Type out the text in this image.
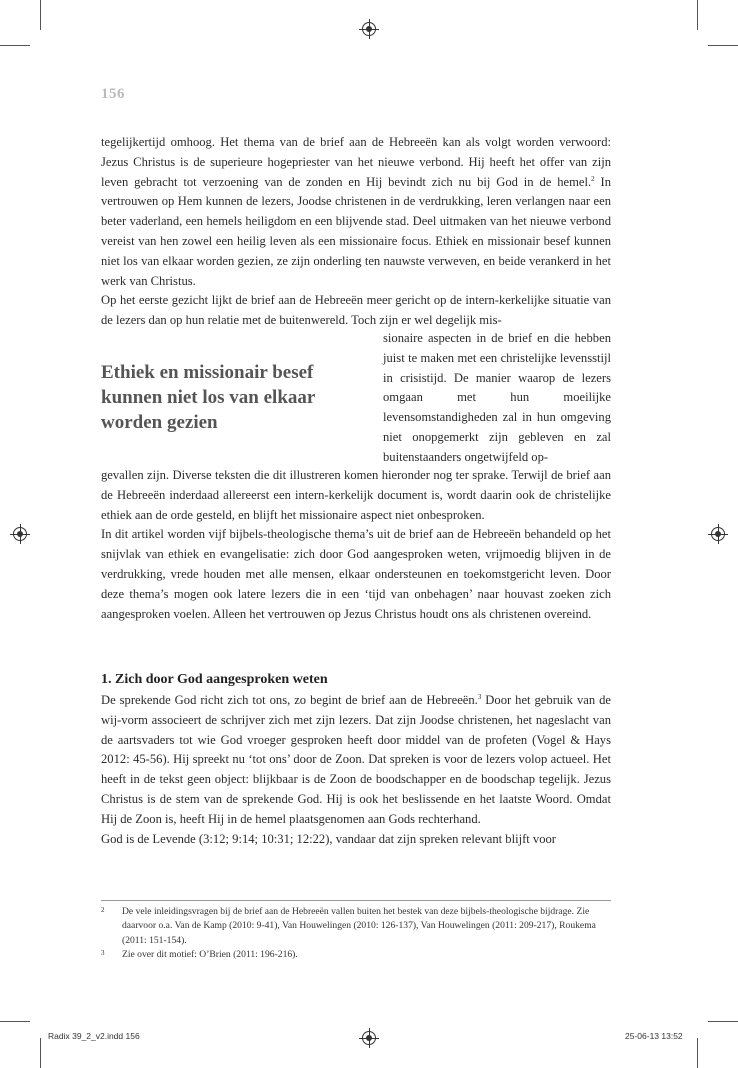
156

tegelijkertijd omhoog. Het thema van de brief aan de Hebreeën kan als volgt worden verwoord: Jezus Christus is de superieure hogepriester van het nieuwe verbond. Hij heeft het offer van zijn leven gebracht tot verzoening van de zonden en Hij bevindt zich nu bij God in de hemel.$^2$ In vertrouwen op Hem kunnen de lezers, Joodse christenen in de verdrukking, leren verlangen naar een beter vaderland, een hemels heiligdom en een blijvende stad. Deel uitmaken van het nieuwe verbond vereist van hen zowel een heilig leven als een missionaire focus. Ethiek en missionair besef kunnen niet los van elkaar worden gezien, ze zijn onderling ten nauwste verweven, en beide verankerd in het werk van Christus.

Op het eerste gezicht lijkt de brief aan de Hebreeën meer gericht op de intern-kerkelijke situatie van de lezers dan op hun relatie met de buitenwereld. Toch zijn er wel degelijk mis-

Ethiek en missionair besef kunnen niet los van elkaar worden gezien
sionaire aspecten in de brief en die hebben juist te maken met een christelijke levensstijl in crisistijd. De manier waarop de lezers omgaan met hun moeilijke levensomstandigheden zal in hun omgeving niet onopgemerkt zijn gebleven en zal buitenstaanders ongetwijfeld op-

gevallen zijn. Diverse teksten die dit illustreren komen hieronder nog ter sprake. Terwijl de brief aan de Hebreeën inderdaad allereerst een intern-kerkelijk document is, wordt daarin ook de christelijke ethiek aan de orde gesteld, en blijft het missionaire aspect niet onbesproken.

In dit artikel worden vijf bijbels-theologische thema’s uit de brief aan de Hebreeën behandeld op het snijvlak van ethiek en evangelisatie: zich door God aangesproken weten, vrijmoedig blijven in de verdrukking, vrede houden met alle mensen, elkaar ondersteunen en toekomstgericht leven. Door deze thema’s mogen ook latere lezers die in een ‘tijd van onbehagen’ naar houvast zoeken zich aangesproken voelen. Alleen het vertrouwen op Jezus Christus houdt ons als christenen overeind.

1. Zich door God aangesproken weten

De sprekende God richt zich tot ons, zo begint de brief aan de Hebreeën.$^3$ Door het gebruik van de wij-vorm associeert de schrijver zich met zijn lezers. Dat zijn Joodse christenen, het nageslacht van de aartsvaders tot wie God vroeger gesproken heeft door middel van de profeten (Vogel & Hays 2012: 45-56). Hij spreekt nu ‘tot ons’ door de Zoon. Dat spreken is voor de lezers volop actueel. Het heeft in de tekst geen object: blijkbaar is de Zoon de boodschapper en de boodschap tegelijk. Jezus Christus is de stem van de sprekende God. Hij is ook het beslissende en het laatste Woord. Omdat Hij de Zoon is, heeft Hij in de hemel plaatsgenomen aan Gods rechterhand.

God is de Levende (3:12; 9:14; 10:31; 12:22), vandaar dat zijn spreken relevant blijft voor

2 De vele inleidingsvragen bij de brief aan de Hebreeën vallen buiten het bestek van deze bijbels-theologische bijdrage. Zie daarvoor o.a. Van de Kamp (2010: 9-41), Van Houwelingen (2010: 126-137), Van Houwelingen (2011: 209-217), Roukema (2011: 151-154).
3 Zie over dit motief: O’Brien (2011: 196-216).
Radix 39_2_v2.indd 156	25-06-13 13:52
